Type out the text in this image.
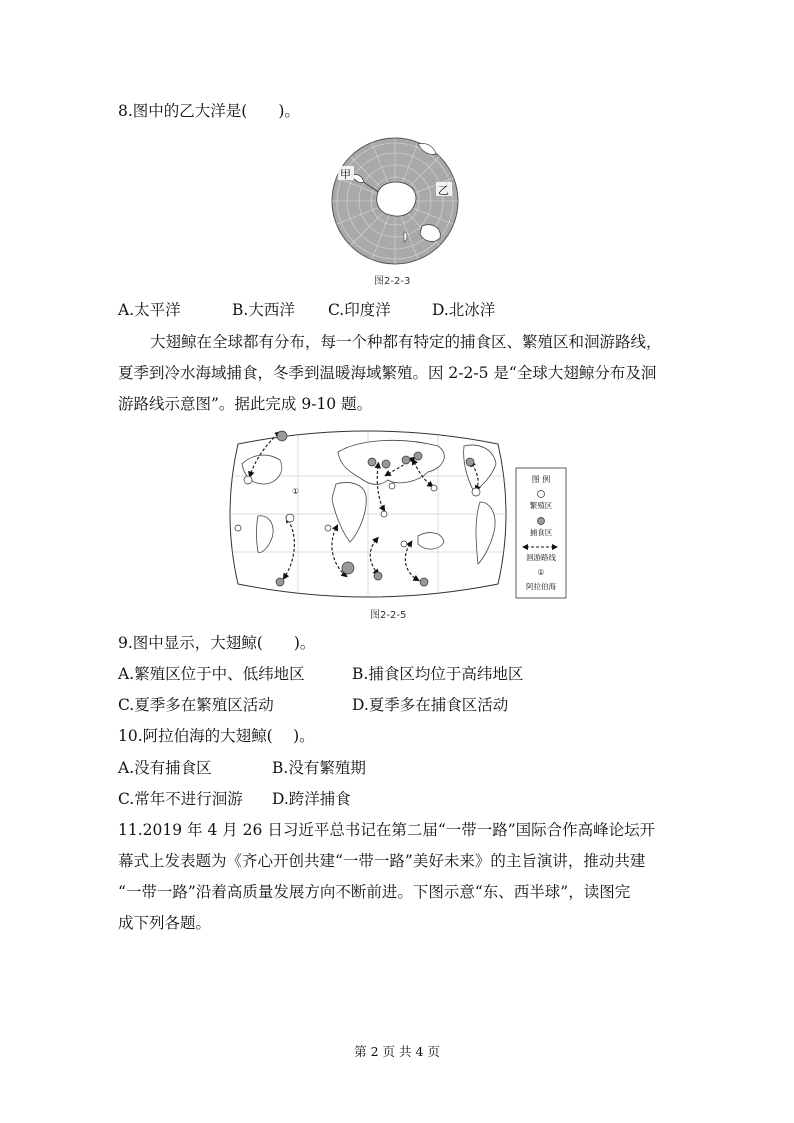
8.图中的乙大洋是(　　)。
甲
乙
图2-2-3
A.太平洋	B.大西洋 C.印度洋	D.北冰洋
大翅鲸在全球都有分布，每一个种都有特定的捕食区、繁殖区和洄游路线，
夏季到冷水海域捕食，冬季到温暖海域繁殖。因 2-2-5 是“全球大翅鲸分布及洄
游路线示意图”。据此完成 9-10 题。
①
图 例
繁殖区
捕食区
洄游路线
①
阿拉伯海
图2-2-5
9.图中显示，大翅鲸(　　)。
A.繁殖区位于中、低纬地区	B.捕食区均位于高纬地区
C.夏季多在繁殖区活动	D.夏季多在捕食区活动
10.阿拉伯海的大翅鲸(　 )。
A.没有捕食区	B.没有繁殖期
C.常年不进行洄游 D.跨洋捕食
11.2019 年 4 月 26 日习近平总书记在第二届“一带一路”国际合作高峰论坛开
幕式上发表题为《齐心开创共建“一带一路”美好未来》的主旨演讲，推动共建
“一带一路”沿着高质量发展方向不断前进。下图示意“东、西半球”，读图完
成下列各题。
第 2 页 共 4 页
